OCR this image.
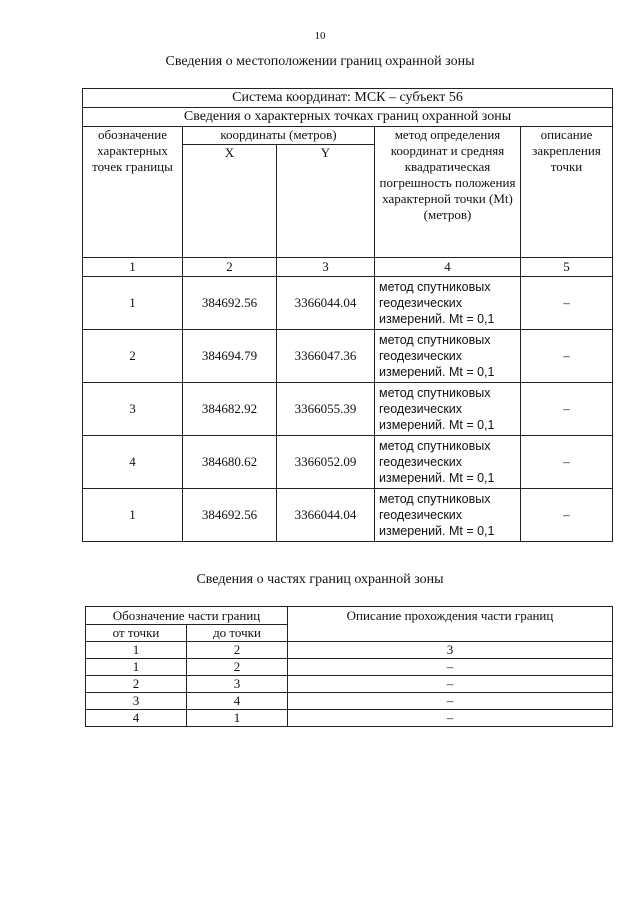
10
Сведения о местоположении границ охранной зоны
Система координат: МСК – субъект 56				
Сведения о характерных точках границ охранной зоны				
обозначение характерных точек границы	координаты (метров)		метод определения координат и средняя квадратическая погрешность положения характерной точки (Мt) (метров)	описание закрепления точки
	X	Y		
1	2	3	4	5
1	384692.56	3366044.04	метод спутниковых геодезических измерений. Mt = 0,1	–
2	384694.79	3366047.36	метод спутниковых геодезических измерений. Mt = 0,1	–
3	384682.92	3366055.39	метод спутниковых геодезических измерений. Mt = 0,1	–
4	384680.62	3366052.09	метод спутниковых геодезических измерений. Mt = 0,1	–
1	384692.56	3366044.04	метод спутниковых геодезических измерений. Mt = 0,1	–
Сведения о частях границ охранной зоны
Обозначение части границ		Описание прохождения части границ
от точки	до точки	
1	2	3
1	2	–
2	3	–
3	4	–
4	1	–
